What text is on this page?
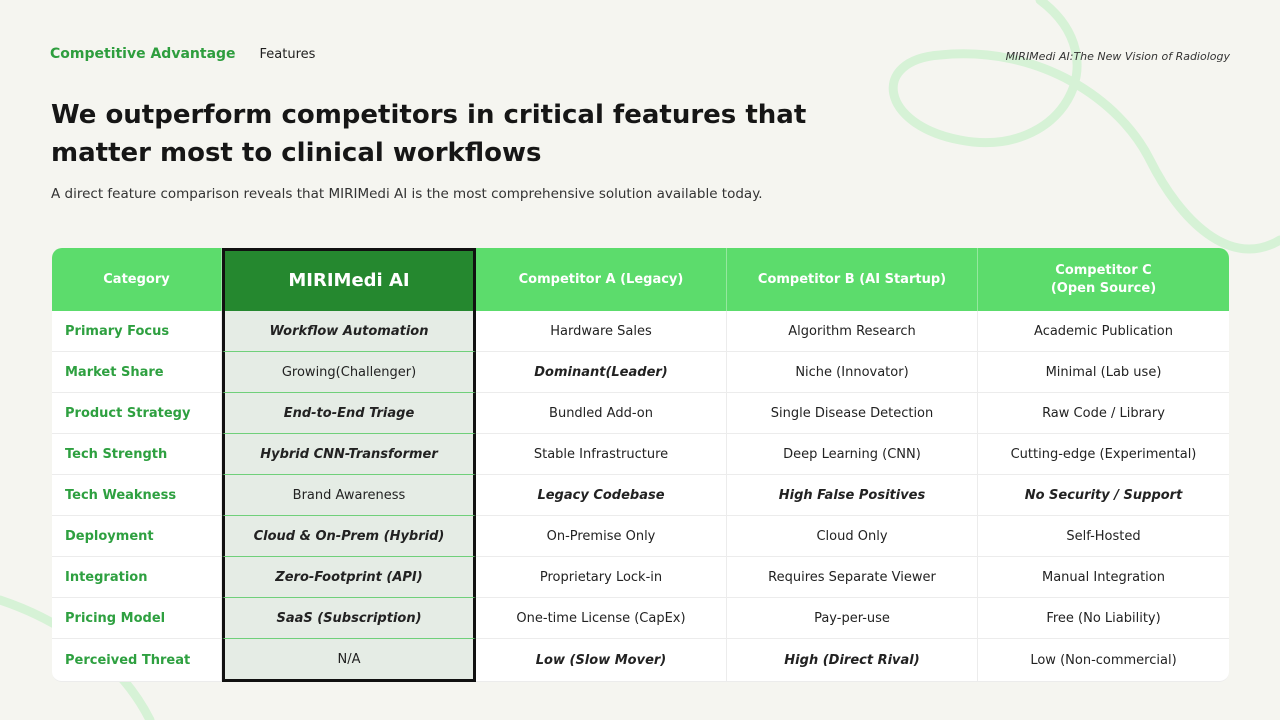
Competitive Advantage Features	MIRIMedi AI:The New Vision of Radiology
We outperform competitors in critical features that matter most to clinical workflows

A direct feature comparison reveals that MIRIMedi AI is the most comprehensive solution available today.

Category	MIRIMedi AI	Competitor A (Legacy)	Competitor B (AI Startup)	Competitor C
(Open Source)
Primary Focus	Workflow Automation	Hardware Sales	Algorithm Research	Academic Publication
Market Share	Growing(Challenger)	Dominant(Leader)	Niche (Innovator)	Minimal (Lab use)
Product Strategy	End-to-End Triage	Bundled Add-on	Single Disease Detection	Raw Code / Library
Tech Strength	Hybrid CNN-Transformer	Stable Infrastructure	Deep Learning (CNN)	Cutting-edge (Experimental)
Tech Weakness	Brand Awareness	Legacy Codebase	High False Positives	No Security / Support
Deployment	Cloud & On-Prem (Hybrid)	On-Premise Only	Cloud Only	Self-Hosted
Integration	Zero-Footprint (API)	Proprietary Lock-in	Requires Separate Viewer	Manual Integration
Pricing Model	SaaS (Subscription)	One-time License (CapEx)	Pay-per-use	Free (No Liability)
Perceived Threat	N/A	Low (Slow Mover)	High (Direct Rival)	Low (Non-commercial)
